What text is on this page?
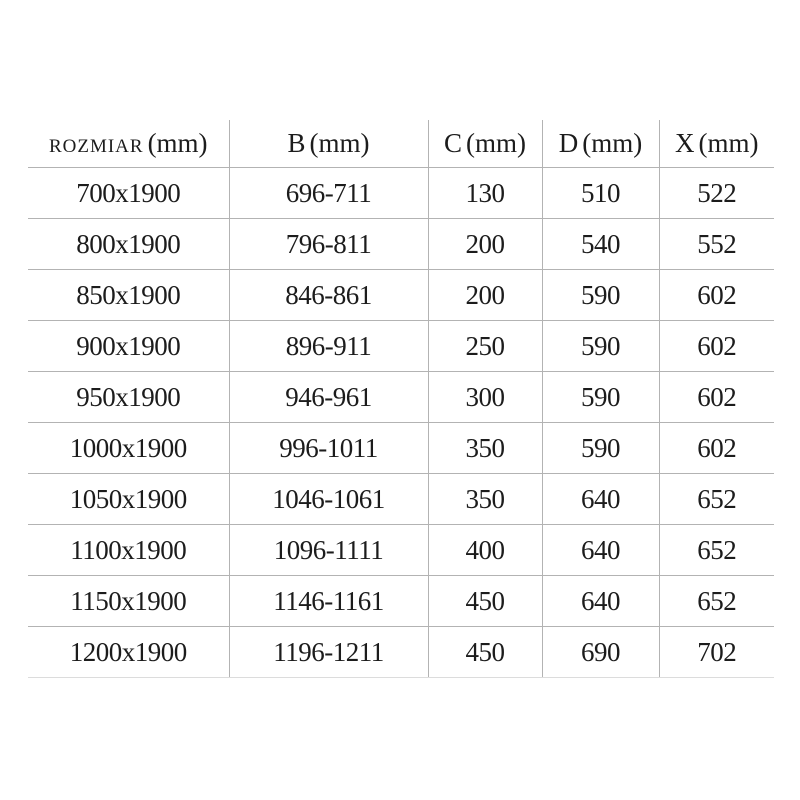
ROZMIAR (mm)	B (mm)	C (mm)	D (mm)	X (mm)
700x1900	696-711	130	510	522
800x1900	796-811	200	540	552
850x1900	846-861	200	590	602
900x1900	896-911	250	590	602
950x1900	946-961	300	590	602
1000x1900	996-1011	350	590	602
1050x1900	1046-1061	350	640	652
1100x1900	1096-1111	400	640	652
1150x1900	1146-1161	450	640	652
1200x1900	1196-1211	450	690	702
